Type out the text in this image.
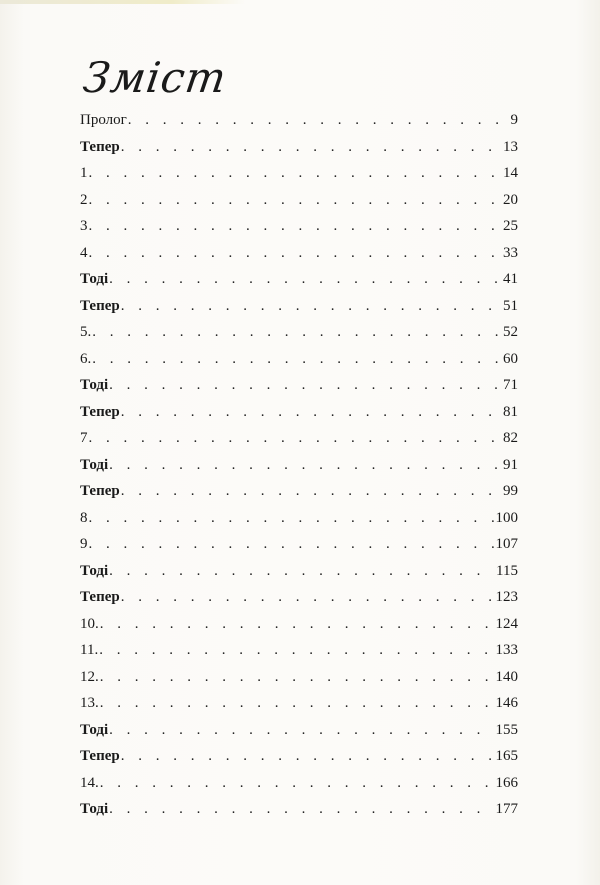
Зміст
Пролог . . .	9
Тепер . . .	13
1 . . .	14
2 . . .	20
3 . . .	25
4 . . .	33
Тоді . . .	41
Тепер . . .	51
5. . . .	52
6. . . .	60
Тоді . . .	71
Тепер . . .	81
7 . . .	82
Тоді . . .	91
Тепер . . .	99
8 . . .	100
9 . . .	107
Тоді . . .	115
Тепер . . .	123
10. . . .	124
11. . . .	133
12. . . .	140
13. . . .	146
Тоді . . .	155
Тепер . . .	165
14. . . .	166
Тоді . . .	177
